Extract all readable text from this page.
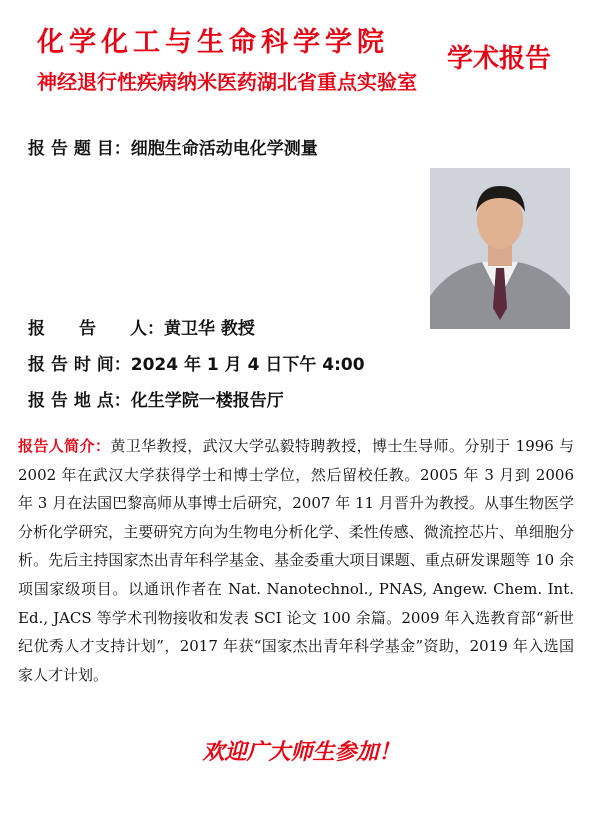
化学化工与生命科学学院
神经退行性疾病纳米医药湖北省重点实验室
学术报告
报 告 题 目： 细胞生命活动电化学测量
报　　告　　人： 黄卫华 教授
报 告 时 间： 2024 年 1 月 4 日下午 4:00
报 告 地 点： 化生学院一楼报告厅
报告人简介：黄卫华教授，武汉大学弘毅特聘教授，博士生导师。分别于 1996 与 2002 年在武汉大学获得学士和博士学位，然后留校任教。2005 年 3 月到 2006 年 3 月在法国巴黎高师从事博士后研究，2007 年 11 月晋升为教授。从事生物医学分析化学研究，主要研究方向为生物电分析化学、柔性传感、微流控芯片、单细胞分析。先后主持国家杰出青年科学基金、基金委重大项目课题、重点研发课题等 10 余项国家级项目。以通讯作者在 Nat. Nanotechnol., PNAS, Angew. Chem. Int. Ed., JACS 等学术刊物接收和发表 SCI 论文 100 余篇。2009 年入选教育部“新世纪优秀人才支持计划”，2017 年获“国家杰出青年科学基金”资助，2019 年入选国家人才计划。
欢迎广大师生参加！
